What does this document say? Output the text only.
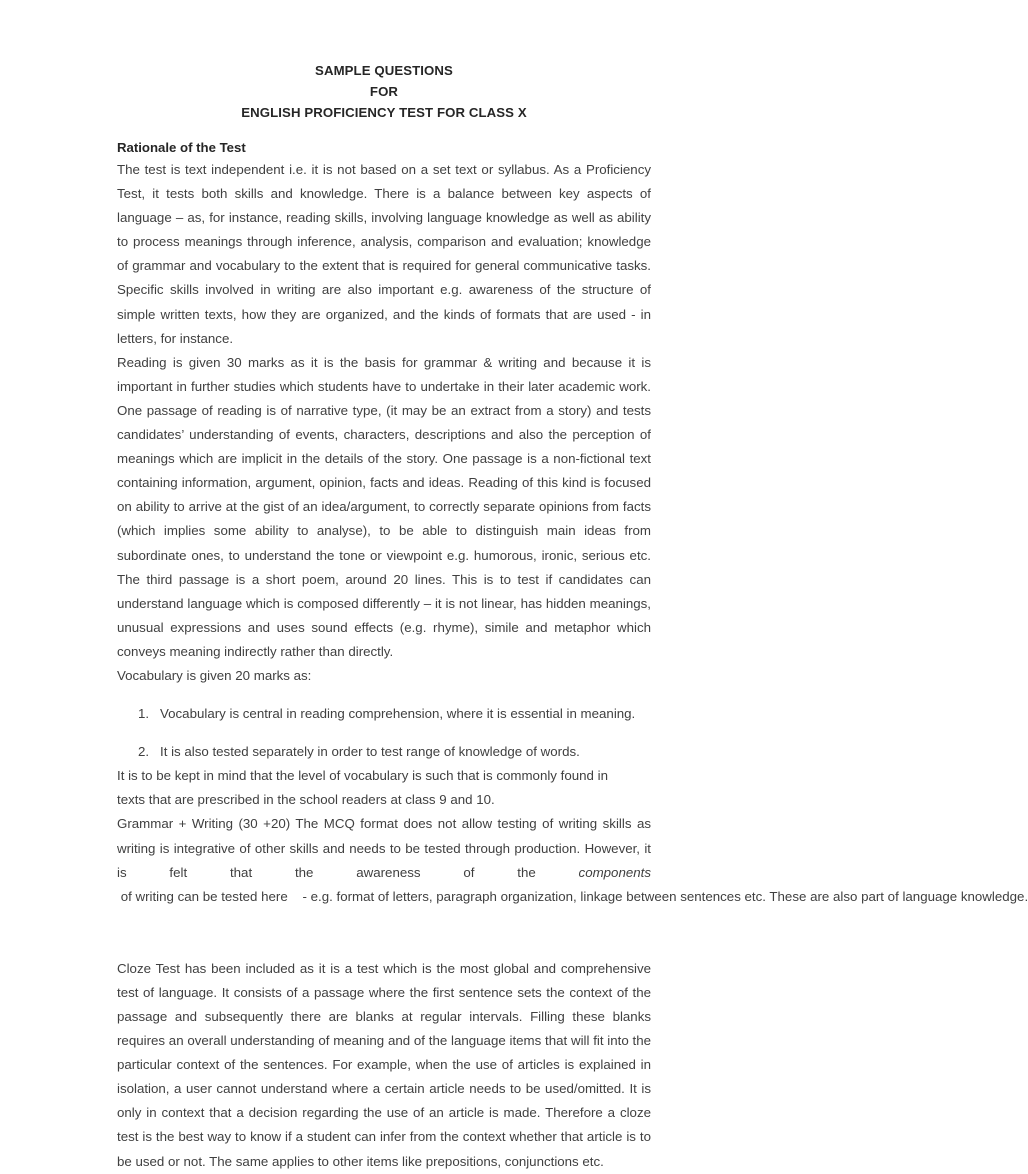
SAMPLE QUESTIONS
FOR
ENGLISH PROFICIENCY TEST FOR CLASS X
Rationale of the Test

The test is text independent i.e. it is not based on a set text or syllabus. As a Proficiency Test, it tests both skills and knowledge. There is a balance between key aspects of language – as, for instance, reading skills, involving language knowledge as well as ability to process meanings through inference, analysis, comparison and evaluation; knowledge of grammar and vocabulary to the extent that is required for general communicative tasks. Specific skills involved in writing are also important e.g. awareness of the structure of simple written texts, how they are organized, and the kinds of formats that are used - in letters, for instance.

Reading is given 30 marks as it is the basis for grammar & writing and because it is important in further studies which students have to undertake in their later academic work. One passage of reading is of narrative type, (it may be an extract from a story) and tests candidates’ understanding of events, characters, descriptions and also the perception of meanings which are implicit in the details of the story. One passage is a non-fictional text containing information, argument, opinion, facts and ideas. Reading of this kind is focused on ability to arrive at the gist of an idea/argument, to correctly separate opinions from facts (which implies some ability to analyse), to be able to distinguish main ideas from subordinate ones, to understand the tone or viewpoint e.g. humorous, ironic, serious etc. The third passage is a short poem, around 20 lines. This is to test if candidates can understand language which is composed differently – it is not linear, has hidden meanings, unusual expressions and uses sound effects (e.g. rhyme), simile and metaphor which conveys meaning indirectly rather than directly.

Vocabulary is given 20 marks as:

1. Vocabulary is central in reading comprehension, where it is essential in meaning.
2. It is also tested separately in order to test range of knowledge of words.

It is to be kept in mind that the level of vocabulary is such that is commonly found in texts that are prescribed in the school readers at class 9 and 10.

Grammar + Writing (30 +20) The MCQ format does not allow testing of writing skills as writing is integrative of other skills and needs to be tested through production. However, it is felt that the awareness of the components of writing can be tested here    - e.g. format of letters, paragraph organization, linkage between sentences etc. These are also part of language knowledge.

Cloze Test has been included as it is a test which is the most global and comprehensive test of language. It consists of a passage where the first sentence sets the context of the passage and subsequently there are blanks at regular intervals. Filling these blanks requires an overall understanding of meaning and of the language items that will fit into the particular context of the sentences. For example, when the use of articles is explained in isolation, a user cannot understand where a certain article needs to be used/omitted. It is only in context that a decision regarding the use of an article is made. Therefore a cloze test is the best way to know if a student can infer from the context whether that article is to be used or not. The same applies to other items like prepositions, conjunctions etc.
